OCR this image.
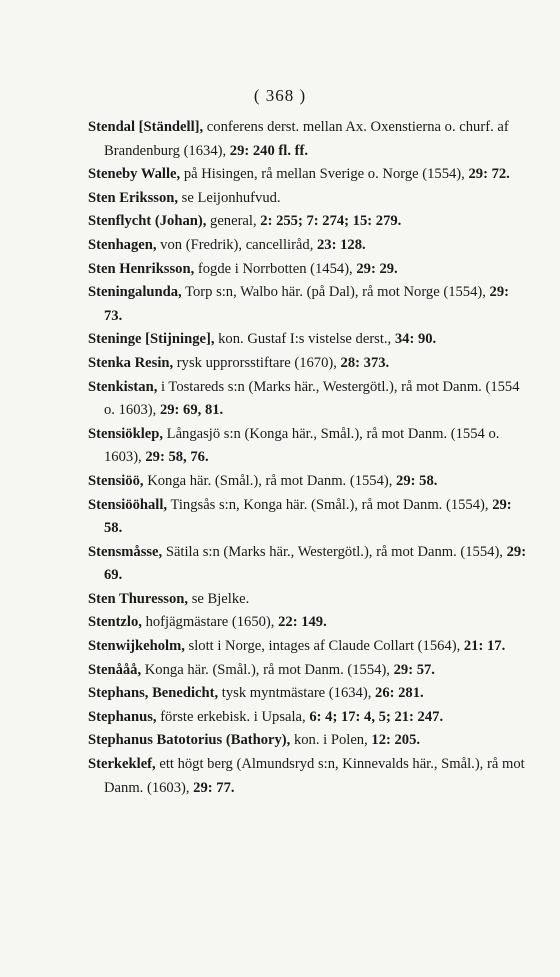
( 368 )

Stendal [Ständell], conferens derst. mellan Ax. Oxenstierna o. churf. af Brandenburg (1634), 29: 240 fl. ff.

Steneby Walle, på Hisingen, rå mellan Sverige o. Norge (1554), 29: 72.

Sten Eriksson, se Leijonhufvud.

Stenflycht (Johan), general, 2: 255; 7: 274; 15: 279.

Stenhagen, von (Fredrik), cancelliråd, 23: 128.

Sten Henriksson, fogde i Norrbotten (1454), 29: 29.

Steningalunda, Torp s:n, Walbo här. (på Dal), rå mot Norge (1554), 29: 73.

Steninge [Stijninge], kon. Gustaf I:s vistelse derst., 34: 90.

Stenka Resin, rysk upprorsstiftare (1670), 28: 373.

Stenkistan, i Tostareds s:n (Marks här., Westergötl.), rå mot Danm. (1554 o. 1603), 29: 69, 81.

Stensiöklep, Långasjö s:n (Konga här., Smål.), rå mot Danm. (1554 o. 1603), 29: 58, 76.

Stensiöö, Konga här. (Smål.), rå mot Danm. (1554), 29: 58.

Stensiööhall, Tingsås s:n, Konga här. (Smål.), rå mot Danm. (1554), 29: 58.

Stensmåsse, Sätila s:n (Marks här., Westergötl.), rå mot Danm. (1554), 29: 69.

Sten Thuresson, se Bjelke.

Stentzlo, hofjägmästare (1650), 22: 149.

Stenwijkeholm, slott i Norge, intages af Claude Collart (1564), 21: 17.

Stenååå, Konga här. (Smål.), rå mot Danm. (1554), 29: 57.

Stephans, Benedicht, tysk myntmästare (1634), 26: 281.

Stephanus, förste erkebisk. i Upsala, 6: 4; 17: 4, 5; 21: 247.

Stephanus Batotorius (Bathory), kon. i Polen, 12: 205.

Sterkeklef, ett högt berg (Almundsryd s:n, Kinnevalds här., Smål.), rå mot Danm. (1603), 29: 77.
